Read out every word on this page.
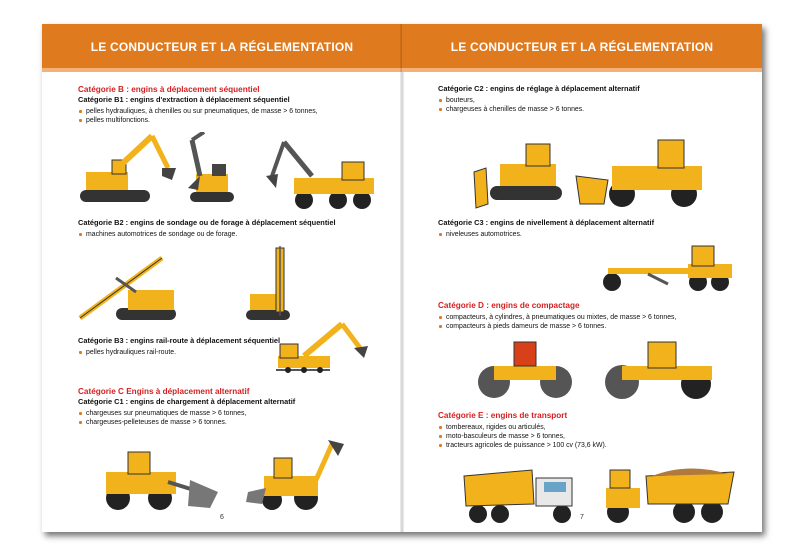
LE CONDUCTEUR ET LA RÉGLEMENTATION
Catégorie B : engins à déplacement séquentiel
Catégorie B1 : engins d'extraction à déplacement séquentiel
pelles hydrauliques, à chenilles ou sur pneumatiques, de masse > 6 tonnes,
pelles multifonctions.
Catégorie B2 : engins de sondage ou de forage à déplacement séquentiel
machines automotrices de sondage ou de forage.
Catégorie B3 : engins rail-route à déplacement séquentiel
pelles hydrauliques rail-route.
Catégorie C Engins à déplacement alternatif
Catégorie C1 : engins de chargement à déplacement alternatif
chargeuses sur pneumatiques de masse > 6 tonnes,
chargeuses-pelleteuses de masse > 6 tonnes.
6
LE CONDUCTEUR ET LA RÉGLEMENTATION
Catégorie C2 : engins de réglage à déplacement alternatif
bouteurs,
chargeuses à chenilles de masse > 6 tonnes.
Catégorie C3 : engins de nivellement à déplacement alternatif
niveleuses automotrices.
Catégorie D : engins de compactage
compacteurs, à cylindres, à pneumatiques ou mixtes, de masse > 6 tonnes,
compacteurs à pieds dameurs de masse > 6 tonnes.
Catégorie E : engins de transport
tombereaux, rigides ou articulés,
moto-basculeurs de masse > 6 tonnes,
tracteurs agricoles de puissance > 100 cv (73,6 kW).
7
